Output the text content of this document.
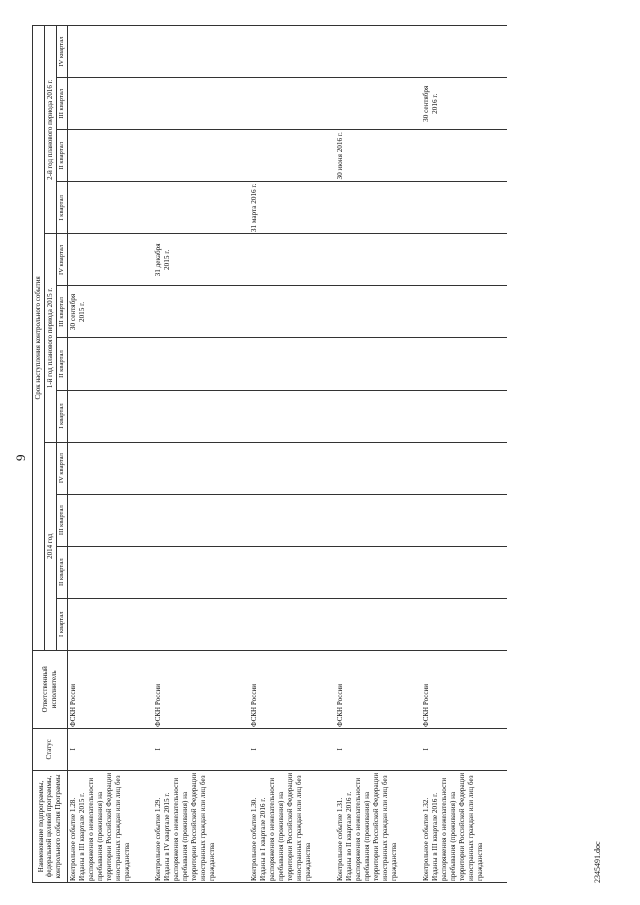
9
Наименование подпрограммы, федеральной целевой программы, контрольного события Программы	Статус	Ответственный исполнитель	Срок наступления контрольного события											
			2014 год				1-й год планового периода 2015 г.				2-й год планового периода 2016 г.			
			I квартал	II квартал	III квартал	IV квартал	I квартал	II квартал	III квартал	IV квартал	I квартал	II квартал	III квартал	IV квартал

Контрольное событие 1.28. Изданы в III квартале 2015 г. распоряжения о нежелательности пребывания (проживания) на территории Российской Федерации иностранных граждан или лиц без гражданства	I	ФСКН России							30 сентября 2015 г.					

Контрольное событие 1.29. Изданы в IV квартале 2015 г. распоряжения о нежелательности пребывания (проживания) на территории Российской Федерации иностранных граждан или лиц без гражданства	I	ФСКН России								31 декабря 2015 г.				

Контрольное событие 1.30. Изданы в I квартале 2016 г. распоряжения о нежелательности пребывания (проживания) на территории Российской Федерации иностранных граждан или лиц без гражданства	I	ФСКН России									31 марта 2016 г.			

Контрольное событие 1.31. Изданы во II квартале 2016 г. распоряжения о нежелательности пребывания (проживания) на территории Российской Федерации иностранных граждан или лиц без гражданства	I	ФСКН России										30 июня 2016 г.		

Контрольное событие 1.32. Изданы в III квартале 2016 г. распоряжения о нежелательности пребывания (проживания) на территории Российской Федерации иностранных граждан или лиц без гражданства	I	ФСКН России											30 сентября 2016 г.	
2345491.doc
